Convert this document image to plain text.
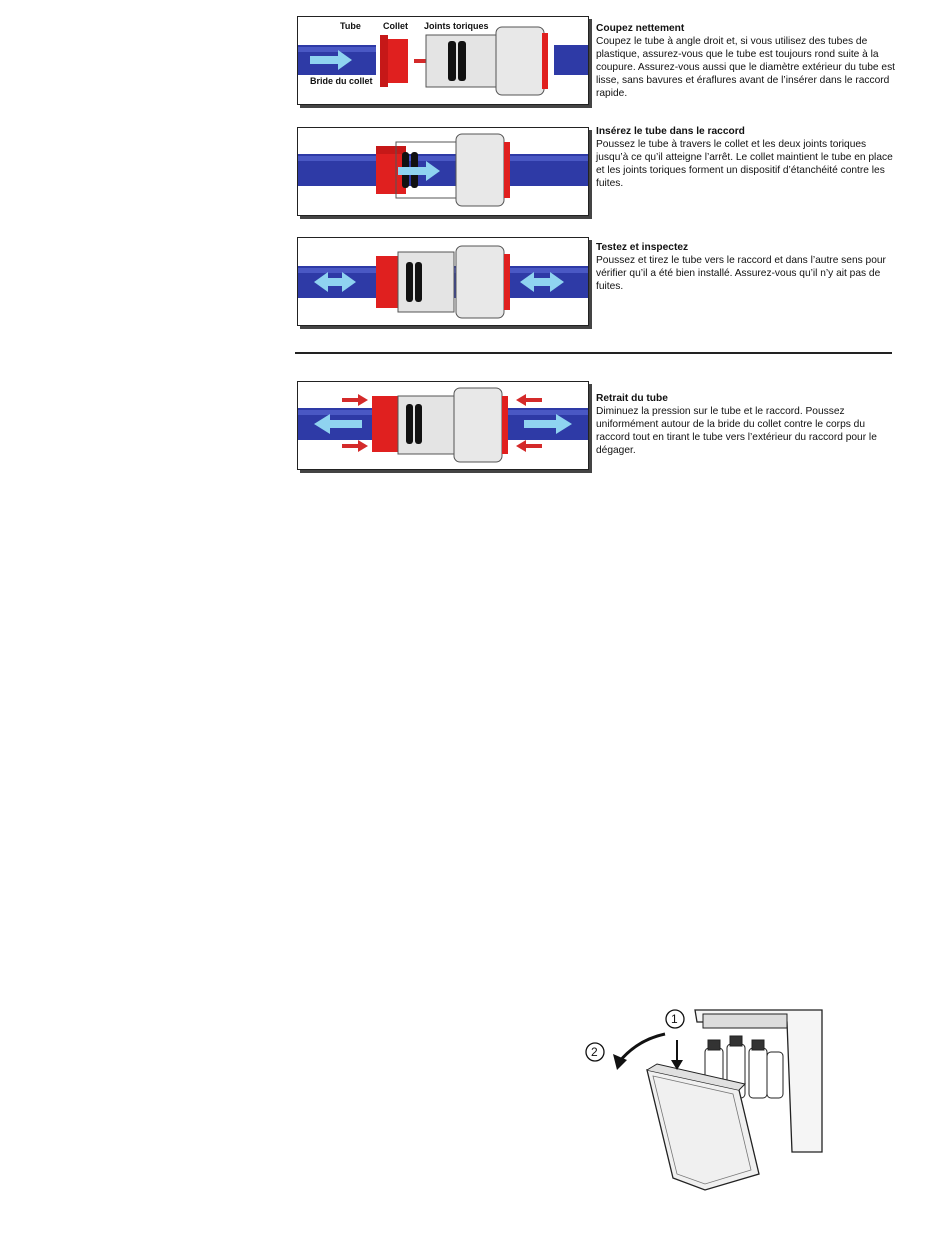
Tube Collet Joints toriques
Bride du collet
Coupez nettement
Coupez le tube à angle droit et, si vous utilisez des tubes de plastique, assurez-vous que le tube est toujours rond suite à la coupure. Assurez-vous aussi que le diamètre extérieur du tube est lisse, sans bavures et éraflures avant de l’insérer dans le raccord rapide.
Insérez le tube dans le raccord
Poussez le tube à travers le collet et les deux joints toriques jusqu’à ce qu’il atteigne l’arrêt. Le collet maintient le tube en place et les joints toriques forment un dispositif d’étanchéité contre les fuites.
Testez et inspectez
Poussez et tirez le tube vers le raccord et dans l’autre sens pour vérifier qu’il a été bien installé. Assurez-vous qu’il n’y ait pas de fuites.
Retrait du tube
Diminuez la pression sur le tube et le raccord. Poussez uniformément autour de la bride du collet contre le corps du raccord tout en tirant le tube vers l’extérieur du raccord pour le dégager.
1
2
